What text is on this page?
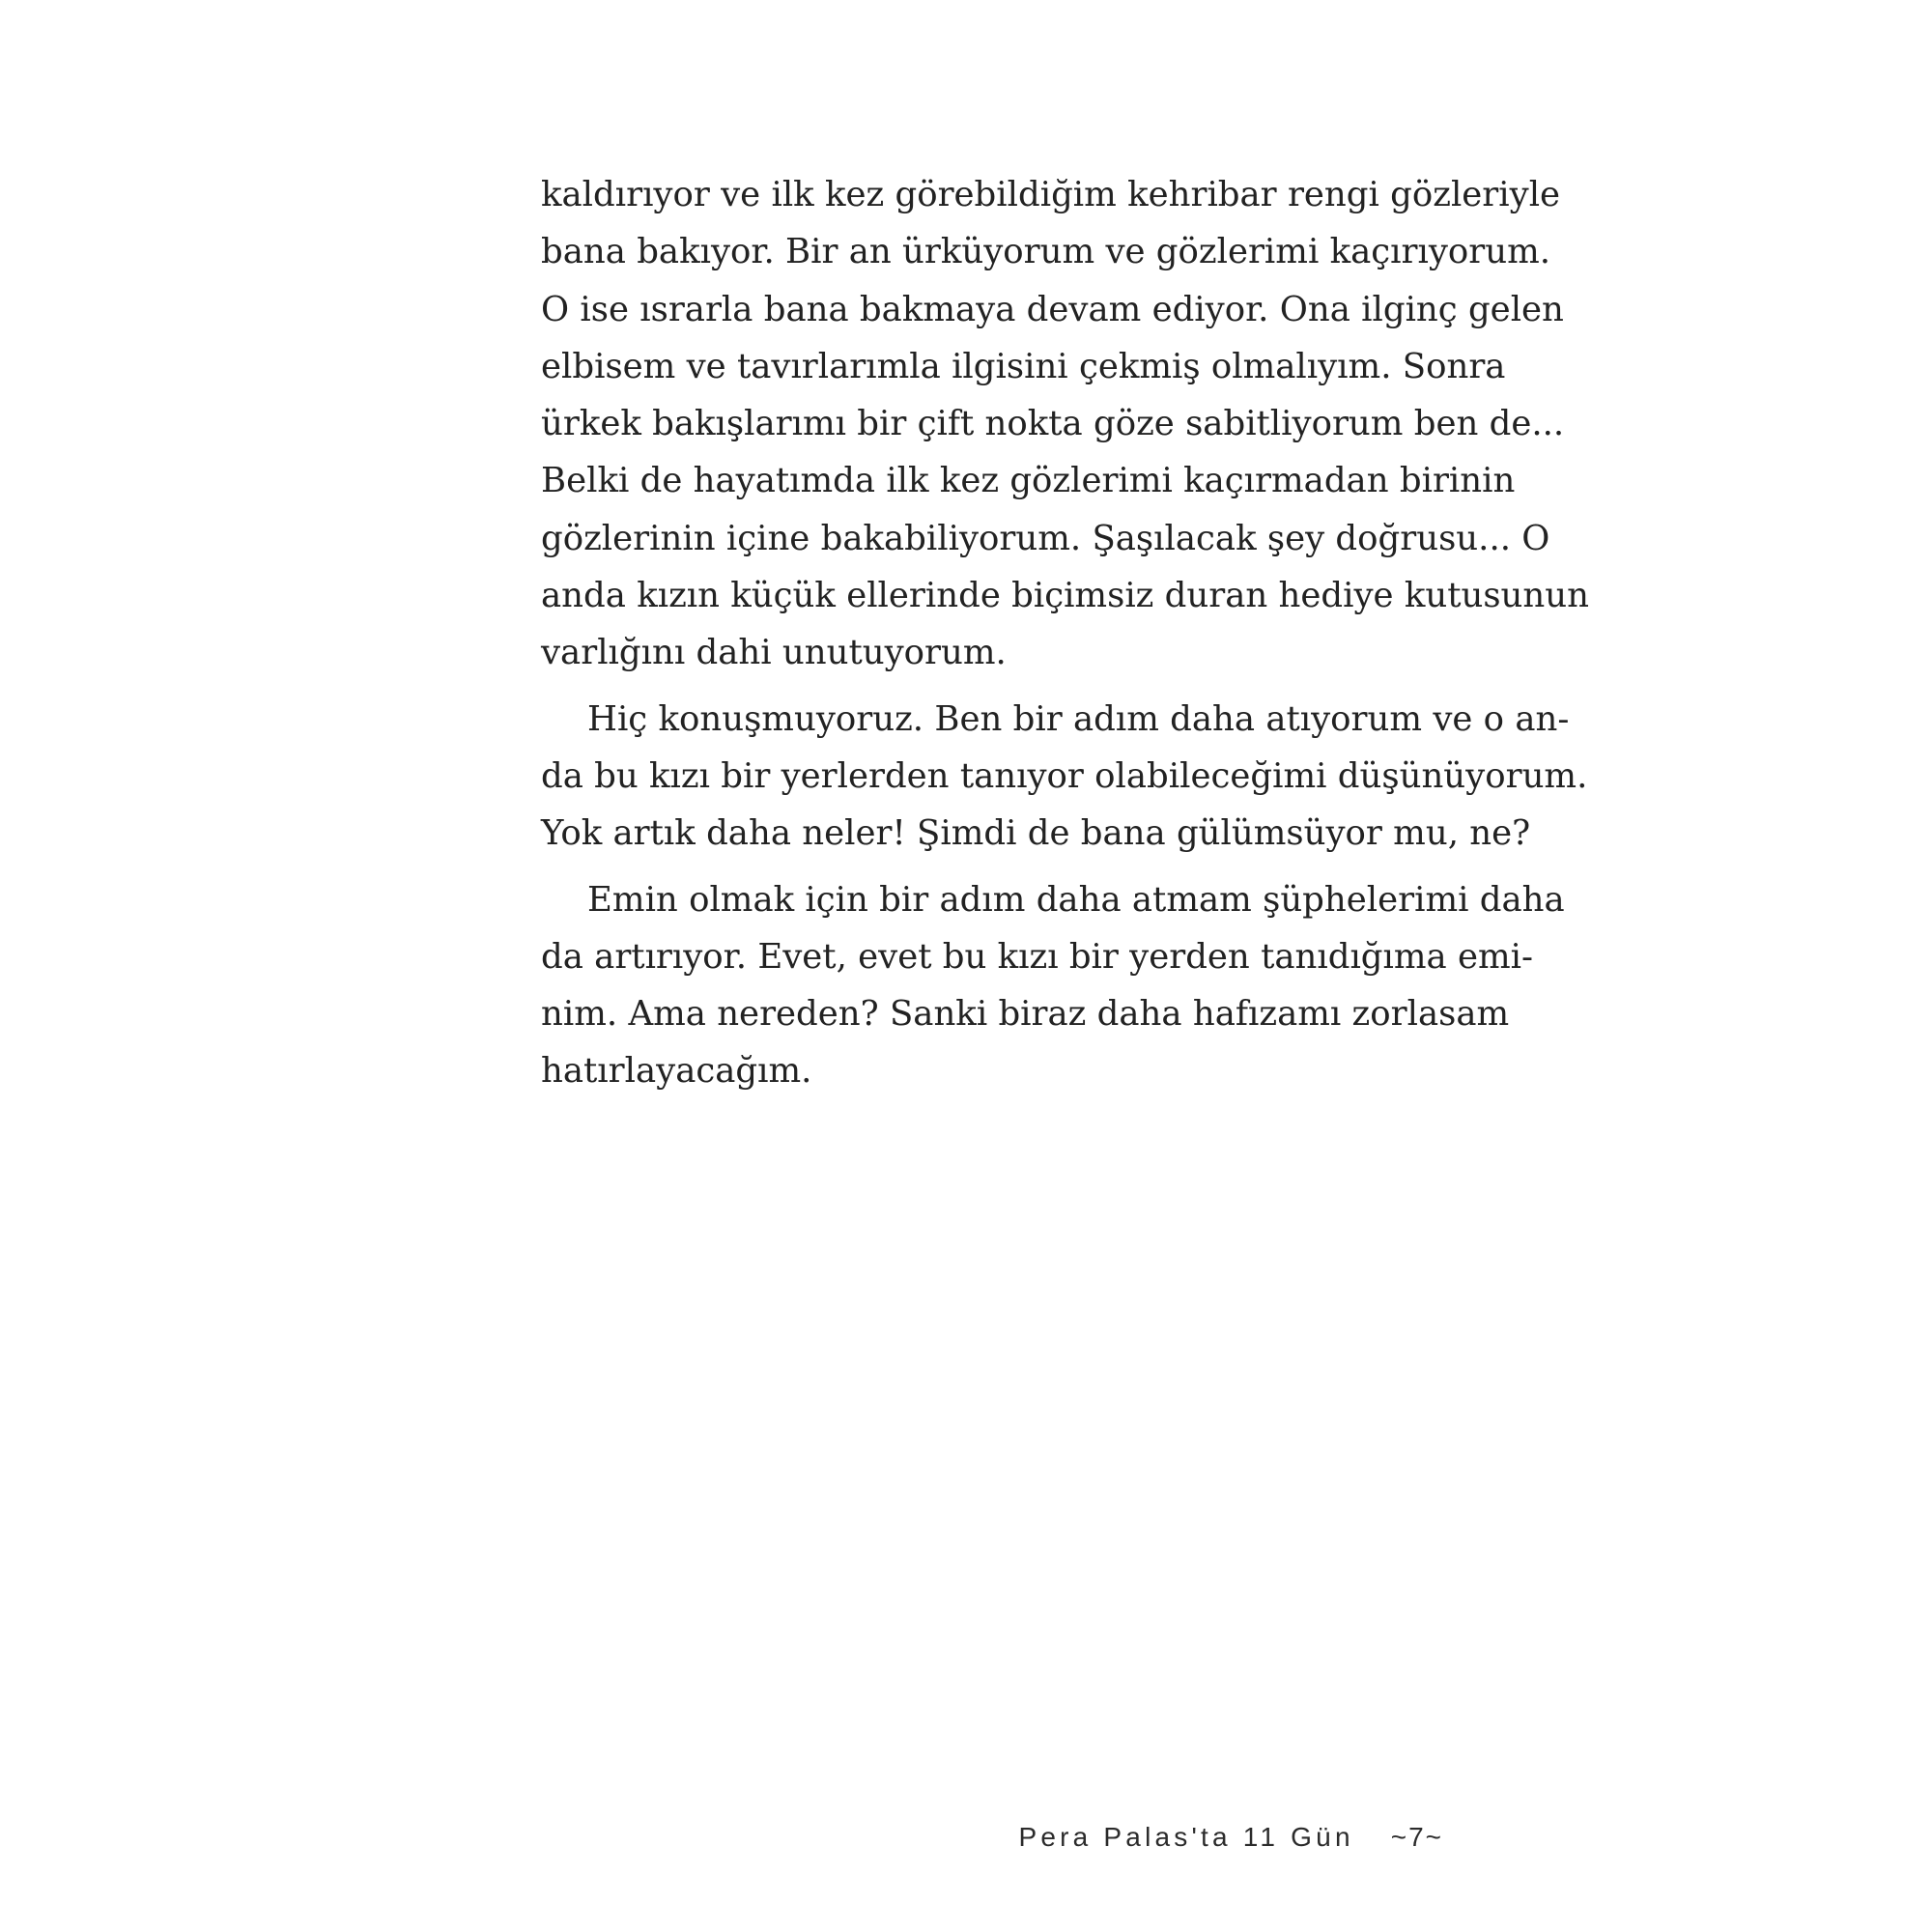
kaldırıyor ve ilk kez görebildiğim kehribar rengi gözleriyle
bana bakıyor. Bir an ürküyorum ve gözlerimi kaçırıyorum.
O ise ısrarla bana bakmaya devam ediyor. Ona ilginç gelen
elbisem ve tavırlarımla ilgisini çekmiş olmalıyım. Sonra
ürkek bakışlarımı bir çift nokta göze sabitliyorum ben de...
Belki de hayatımda ilk kez gözlerimi kaçırmadan birinin
gözlerinin içine bakabiliyorum. Şaşılacak şey doğrusu... O
anda kızın küçük ellerinde biçimsiz duran hediye kutusunun
varlığını dahi unutuyorum.
Hiç konuşmuyoruz. Ben bir adım daha atıyorum ve o an-
da bu kızı bir yerlerden tanıyor olabileceğimi düşünüyorum.
Yok artık daha neler! Şimdi de bana gülümsüyor mu, ne?
Emin olmak için bir adım daha atmam şüphelerimi daha
da artırıyor. Evet, evet bu kızı bir yerden tanıdığıma emi-
nim. Ama nereden? Sanki biraz daha hafızamı zorlasam
hatırlayacağım.
Pera Palas'ta 11 Gün ~7~
